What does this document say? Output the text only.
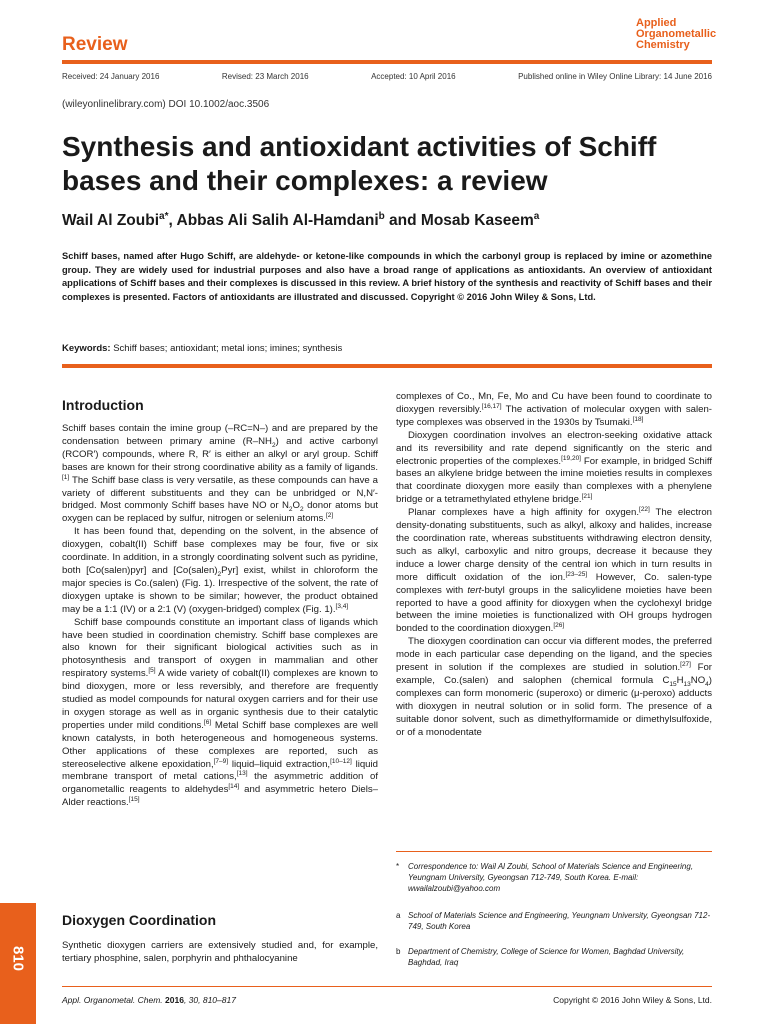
Review
Applied
Organometallic
Chemistry
Received: 24 January 2016	Revised: 23 March 2016	Accepted: 10 April 2016	Published online in Wiley Online Library: 14 June 2016
(wileyonlinelibrary.com) DOI 10.1002/aoc.3506
Synthesis and antioxidant activities of Schiff bases and their complexes: a review
Wail Al Zoubi$^{a*}$, Abbas Ali Salih Al-Hamdani$^b$ and Mosab Kaseem$^a$

Schiff bases, named after Hugo Schiff, are aldehyde- or ketone-like compounds in which the carbonyl group is replaced by imine or azomethine group. They are widely used for industrial purposes and also have a broad range of applications as antioxidants. An overview of antioxidant applications of Schiff bases and their complexes is discussed in this review. A brief history of the synthesis and reactivity of Schiff bases and their complexes is presented. Factors of antioxidants are illustrated and discussed. Copyright © 2016 John Wiley & Sons, Ltd.

Keywords: Schiff bases; antioxidant; metal ions; imines; synthesis
Introduction

Schiff bases contain the imine group (–RC=N–) and are prepared by the condensation between primary amine $(R-NH_2)$ and active carbonyl (RCOR′) compounds, where R, R′ is either an alkyl or aryl group. Schiff bases are known for their strong coordinative ability as a family of ligands.[1] The Schiff base class is very versatile, as these compounds can have a variety of different substituents and they can be unbridged or N,N′-bridged. Most commonly Schiff bases have NO or $N_2O_2$ donor atoms but oxygen can be replaced by sulfur, nitrogen or selenium atoms.[2]

It has been found that, depending on the solvent, in the absence of dioxygen, cobalt(II) Schiff base complexes may be four, five or six coordinate. In addition, in a strongly coordinating solvent such as pyridine, both [Co(salen)pyr] and $[Co(salen)_2Pyr]$ exist, whilst in chloroform the major species is Co.(salen) (Fig. 1). Irrespective of the solvent, the rate of dioxygen uptake is shown to be similar; however, the product obtained may be a 1:1 (IV) or a 2:1 (V) (oxygen-bridged) complex (Fig. 1).[3,4]

Schiff base compounds constitute an important class of ligands which have been studied in coordination chemistry. Schiff base complexes are also known for their significant biological activities such as in photosynthesis and transport of oxygen in mammalian and other respiratory systems.[5] A wide variety of cobalt(II) complexes are known to bind dioxygen, more or less reversibly, and therefore are frequently studied as model compounds for natural oxygen carriers and for their use in oxygen storage as well as in organic synthesis due to their catalytic properties under mild conditions.[6] Metal Schiff base complexes are well known catalysts, in both heterogeneous and homogeneous systems. Other applications of these complexes are reported, such as stereoselective alkene epoxidation,[7–9] liquid–liquid extraction,[10–12] liquid membrane transport of metal cations,[13] the asymmetric addition of organometallic reagents to aldehydes[14] and asymmetric hetero Diels–Alder reactions.[15]

Dioxygen Coordination

Synthetic dioxygen carriers are extensively studied and, for example, tertiary phosphine, salen, porphyrin and phthalocyanine

complexes of Co., Mn, Fe, Mo and Cu have been found to coordinate to dioxygen reversibly.[16,17] The activation of molecular oxygen with salen-type complexes was observed in the 1930s by Tsumaki.[18]

Dioxygen coordination involves an electron-seeking oxidative attack and its reversibility and rate depend significantly on the steric and electronic properties of the complexes.[19,20] For example, in bridged Schiff bases an alkylene bridge between the imine moieties results in complexes that coordinate dioxygen more easily than complexes with a phenylene bridge or a tetramethylated ethylene bridge.[21]

Planar complexes have a high affinity for oxygen.[22] The electron density-donating substituents, such as alkyl, alkoxy and halides, increase the coordination rate, whereas substituents withdrawing electron density, such as alkyl, carboxylic and nitro groups, decrease it because they induce a lower charge density of the central ion which in turn results in more difficult oxidation of the ion.[23–25] However, Co. salen-type complexes with tert-butyl groups in the salicylidene moieties have been reported to have a good affinity for dioxygen when the cyclohexyl bridge between the imine moieties is functionalized with OH groups hydrogen bonded to the coordination dioxygen.[26]

The dioxygen coordination can occur via different modes, the preferred mode in each particular case depending on the ligand, and the species present in solution if the complexes are studied in solution.[27] For example, Co.(salen) and salophen (chemical formula $C_{15}H_{13}NO_4$) complexes can form monomeric (superoxo) or dimeric (μ-peroxo) adducts with dioxygen in neutral solution or in solid form. The presence of a suitable donor solvent, such as dimethylformamide or dimethylsulfoxide, or of a monodentate

*	Correspondence to: Wail Al Zoubi, School of Materials Science and Engineering, Yeungnam University, Gyeongsan 712-749, South Korea. E-mail: wwailalzoubi@yahoo.com
a School of Materials Science and Engineering, Yeungnam University, Gyeongsan 712-749, South Korea
b Department of Chemistry, College of Science for Women, Baghdad University, Baghdad, Iraq
810
Appl. Organometal. Chem. 2016, 30, 810–817	Copyright © 2016 John Wiley & Sons, Ltd.
